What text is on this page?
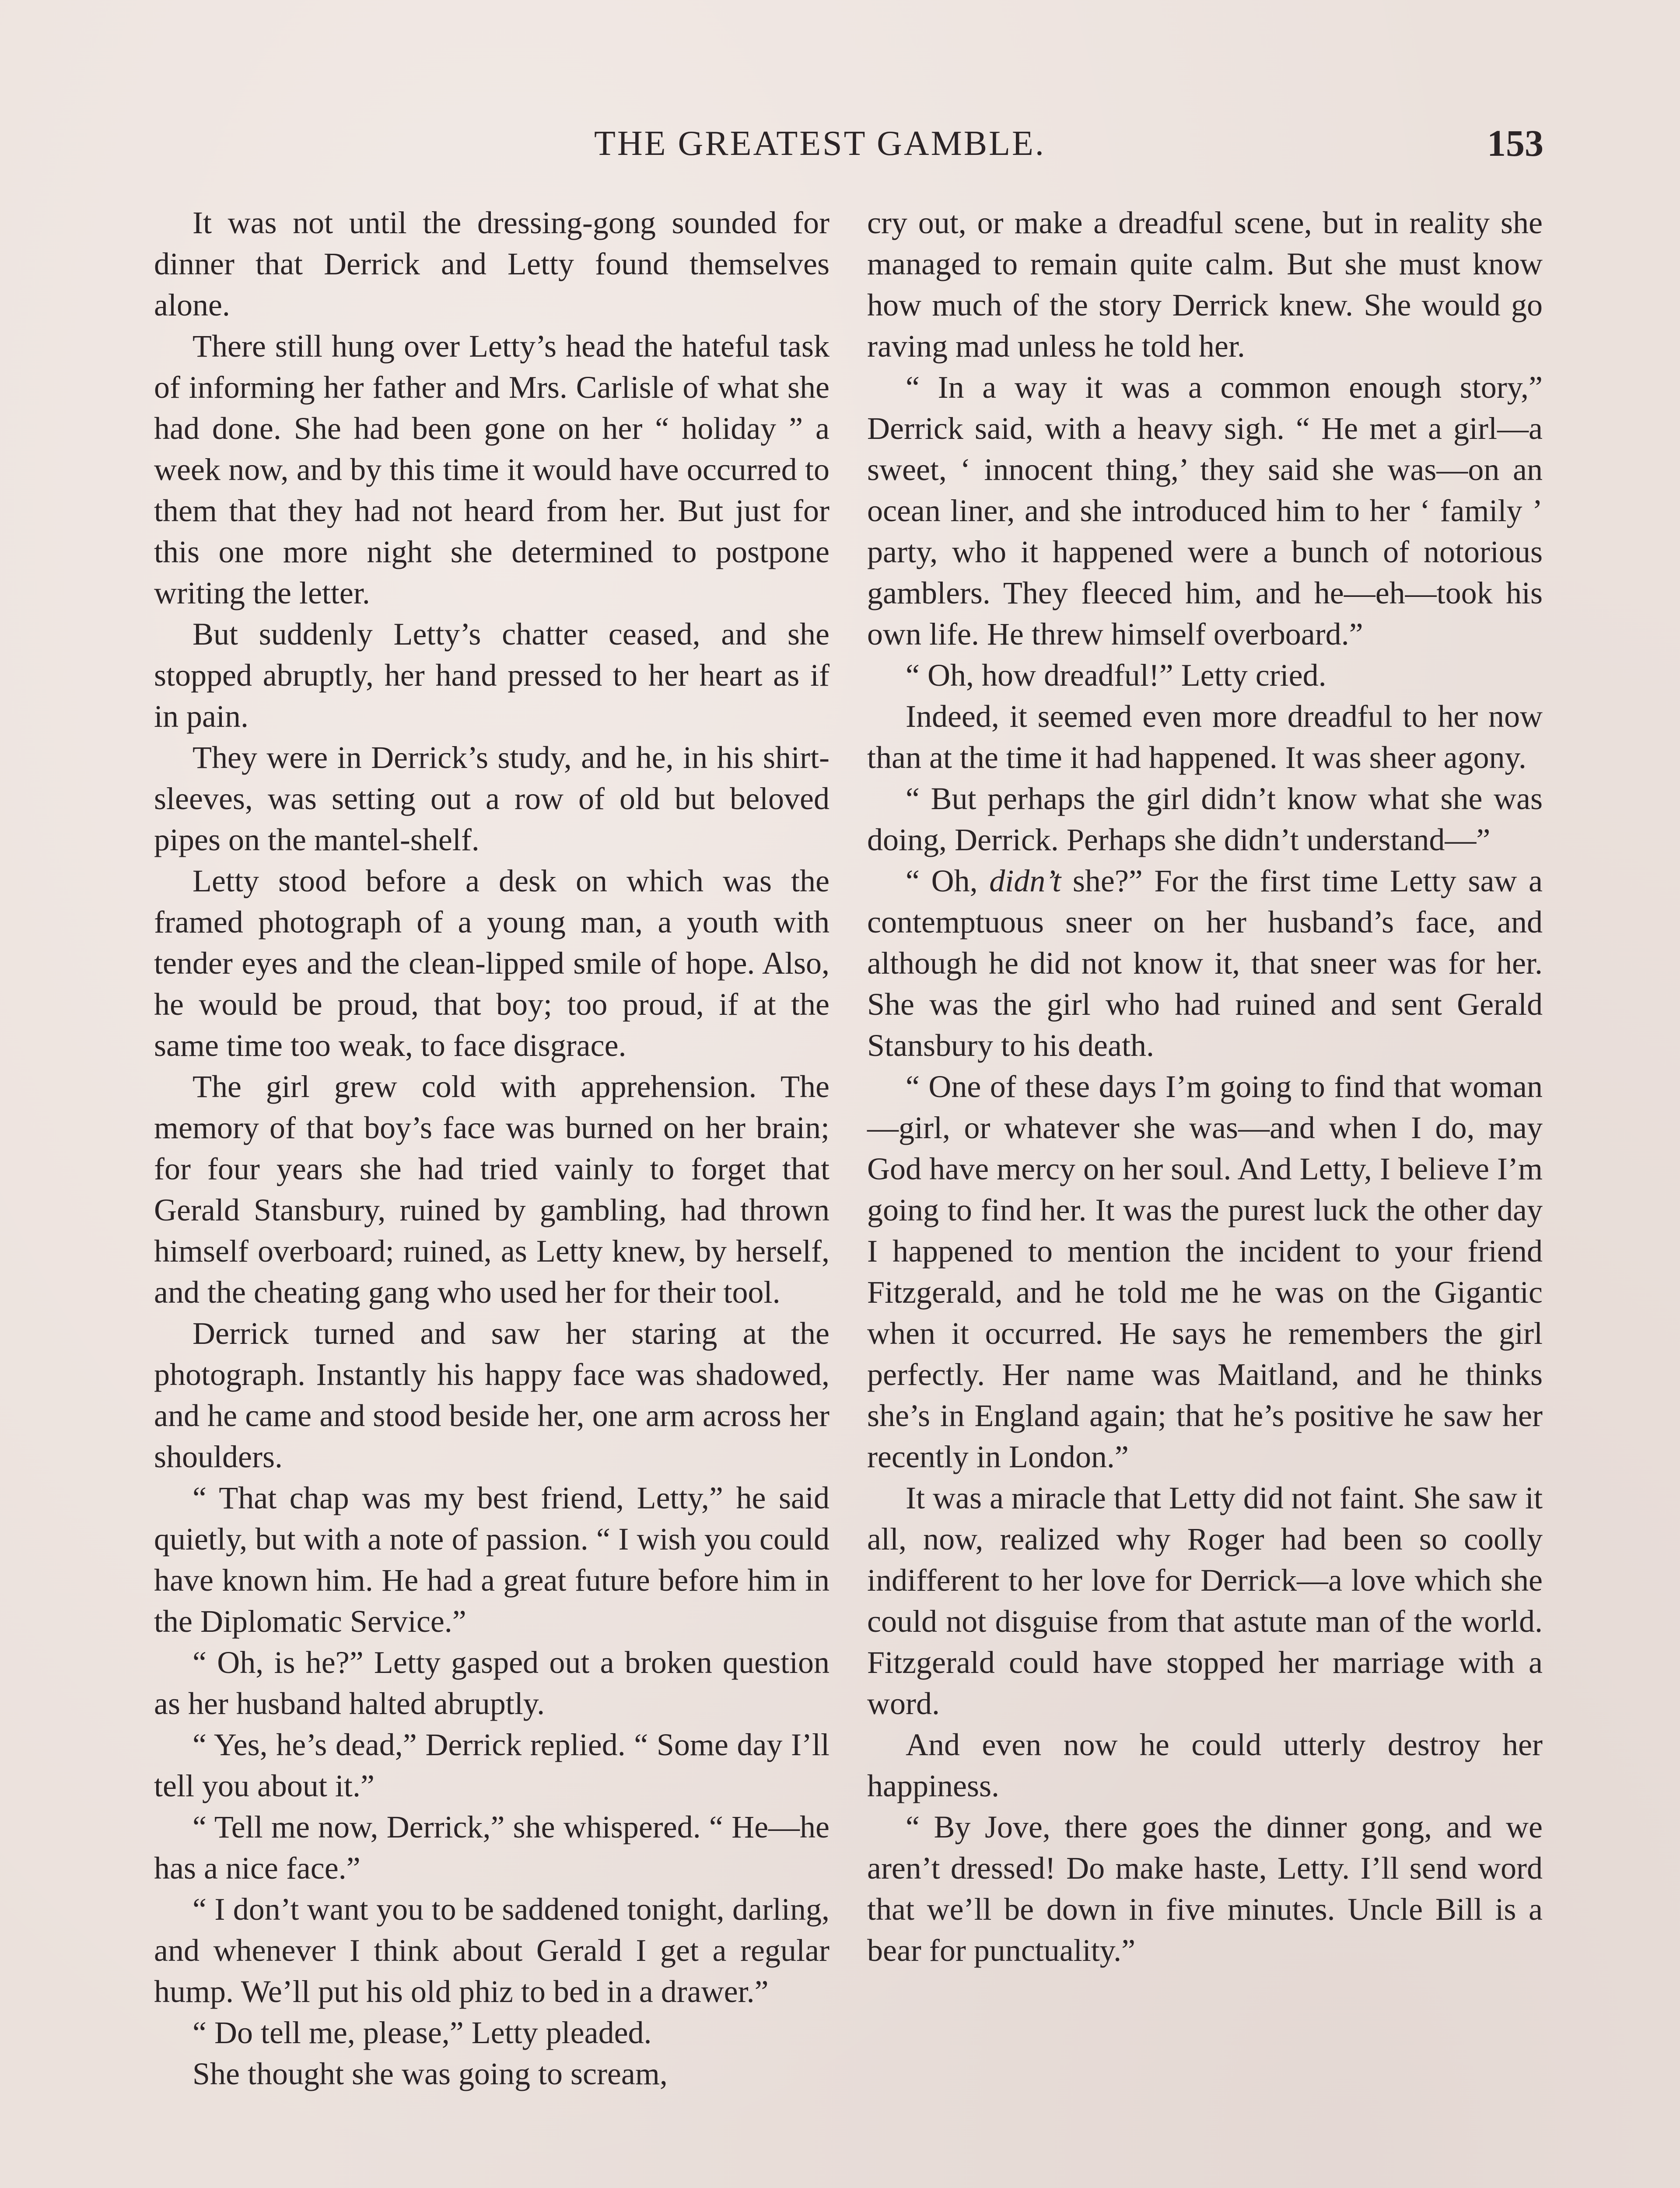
THE GREATEST GAMBLE.	153

It was not until the dressing-gong sounded for dinner that Derrick and Letty found themselves alone.

There still hung over Letty’s head the hateful task of informing her father and Mrs. Carlisle of what she had done. She had been gone on her “ holiday ” a week now, and by this time it would have occurred to them that they had not heard from her. But just for this one more night she determined to postpone writing the letter.

But suddenly Letty’s chatter ceased, and she stopped abruptly, her hand pressed to her heart as if in pain.

They were in Derrick’s study, and he, in his shirt-sleeves, was setting out a row of old but beloved pipes on the mantel-shelf.

Letty stood before a desk on which was the framed photograph of a young man, a youth with tender eyes and the clean-lipped smile of hope. Also, he would be proud, that boy; too proud, if at the same time too weak, to face disgrace.

The girl grew cold with apprehension. The memory of that boy’s face was burned on her brain; for four years she had tried vainly to forget that Gerald Stansbury, ruined by gambling, had thrown himself overboard; ruined, as Letty knew, by herself, and the cheating gang who used her for their tool.

Derrick turned and saw her staring at the photograph. Instantly his happy face was shadowed, and he came and stood beside her, one arm across her shoulders.

“ That chap was my best friend, Letty,” he said quietly, but with a note of passion. “ I wish you could have known him. He had a great future before him in the Diplomatic Service.”

“ Oh, is he?” Letty gasped out a broken question as her husband halted abruptly.

“ Yes, he’s dead,” Derrick replied. “ Some day I’ll tell you about it.”

“ Tell me now, Derrick,” she whispered. “ He—he has a nice face.”

“ I don’t want you to be saddened tonight, darling, and whenever I think about Gerald I get a regular hump. We’ll put his old phiz to bed in a drawer.”

“ Do tell me, please,” Letty pleaded.

She thought she was going to scream,

cry out, or make a dreadful scene, but in reality she managed to remain quite calm. But she must know how much of the story Derrick knew. She would go raving mad unless he told her.

“ In a way it was a common enough story,” Derrick said, with a heavy sigh. “ He met a girl—a sweet, ‘ innocent thing,’ they said she was—on an ocean liner, and she introduced him to her ‘ family ’ party, who it happened were a bunch of notorious gamblers. They fleeced him, and he—eh—took his own life. He threw himself overboard.”

“ Oh, how dreadful!” Letty cried.

Indeed, it seemed even more dreadful to her now than at the time it had happened. It was sheer agony.

“ But perhaps the girl didn’t know what she was doing, Derrick. Perhaps she didn’t understand—”

“ Oh, didn’t she?” For the first time Letty saw a contemptuous sneer on her husband’s face, and although he did not know it, that sneer was for her. She was the girl who had ruined and sent Gerald Stansbury to his death.

“ One of these days I’m going to find that woman—girl, or whatever she was—and when I do, may God have mercy on her soul. And Letty, I believe I’m going to find her. It was the purest luck the other day I happened to mention the incident to your friend Fitzgerald, and he told me he was on the Gigantic when it occurred. He says he remembers the girl perfectly. Her name was Maitland, and he thinks she’s in England again; that he’s positive he saw her recently in London.”

It was a miracle that Letty did not faint. She saw it all, now, realized why Roger had been so coolly indifferent to her love for Derrick—a love which she could not disguise from that astute man of the world. Fitzgerald could have stopped her marriage with a word.

And even now he could utterly destroy her happiness.

“ By Jove, there goes the dinner gong, and we aren’t dressed! Do make haste, Letty. I’ll send word that we’ll be down in five minutes. Uncle Bill is a bear for punctuality.”
